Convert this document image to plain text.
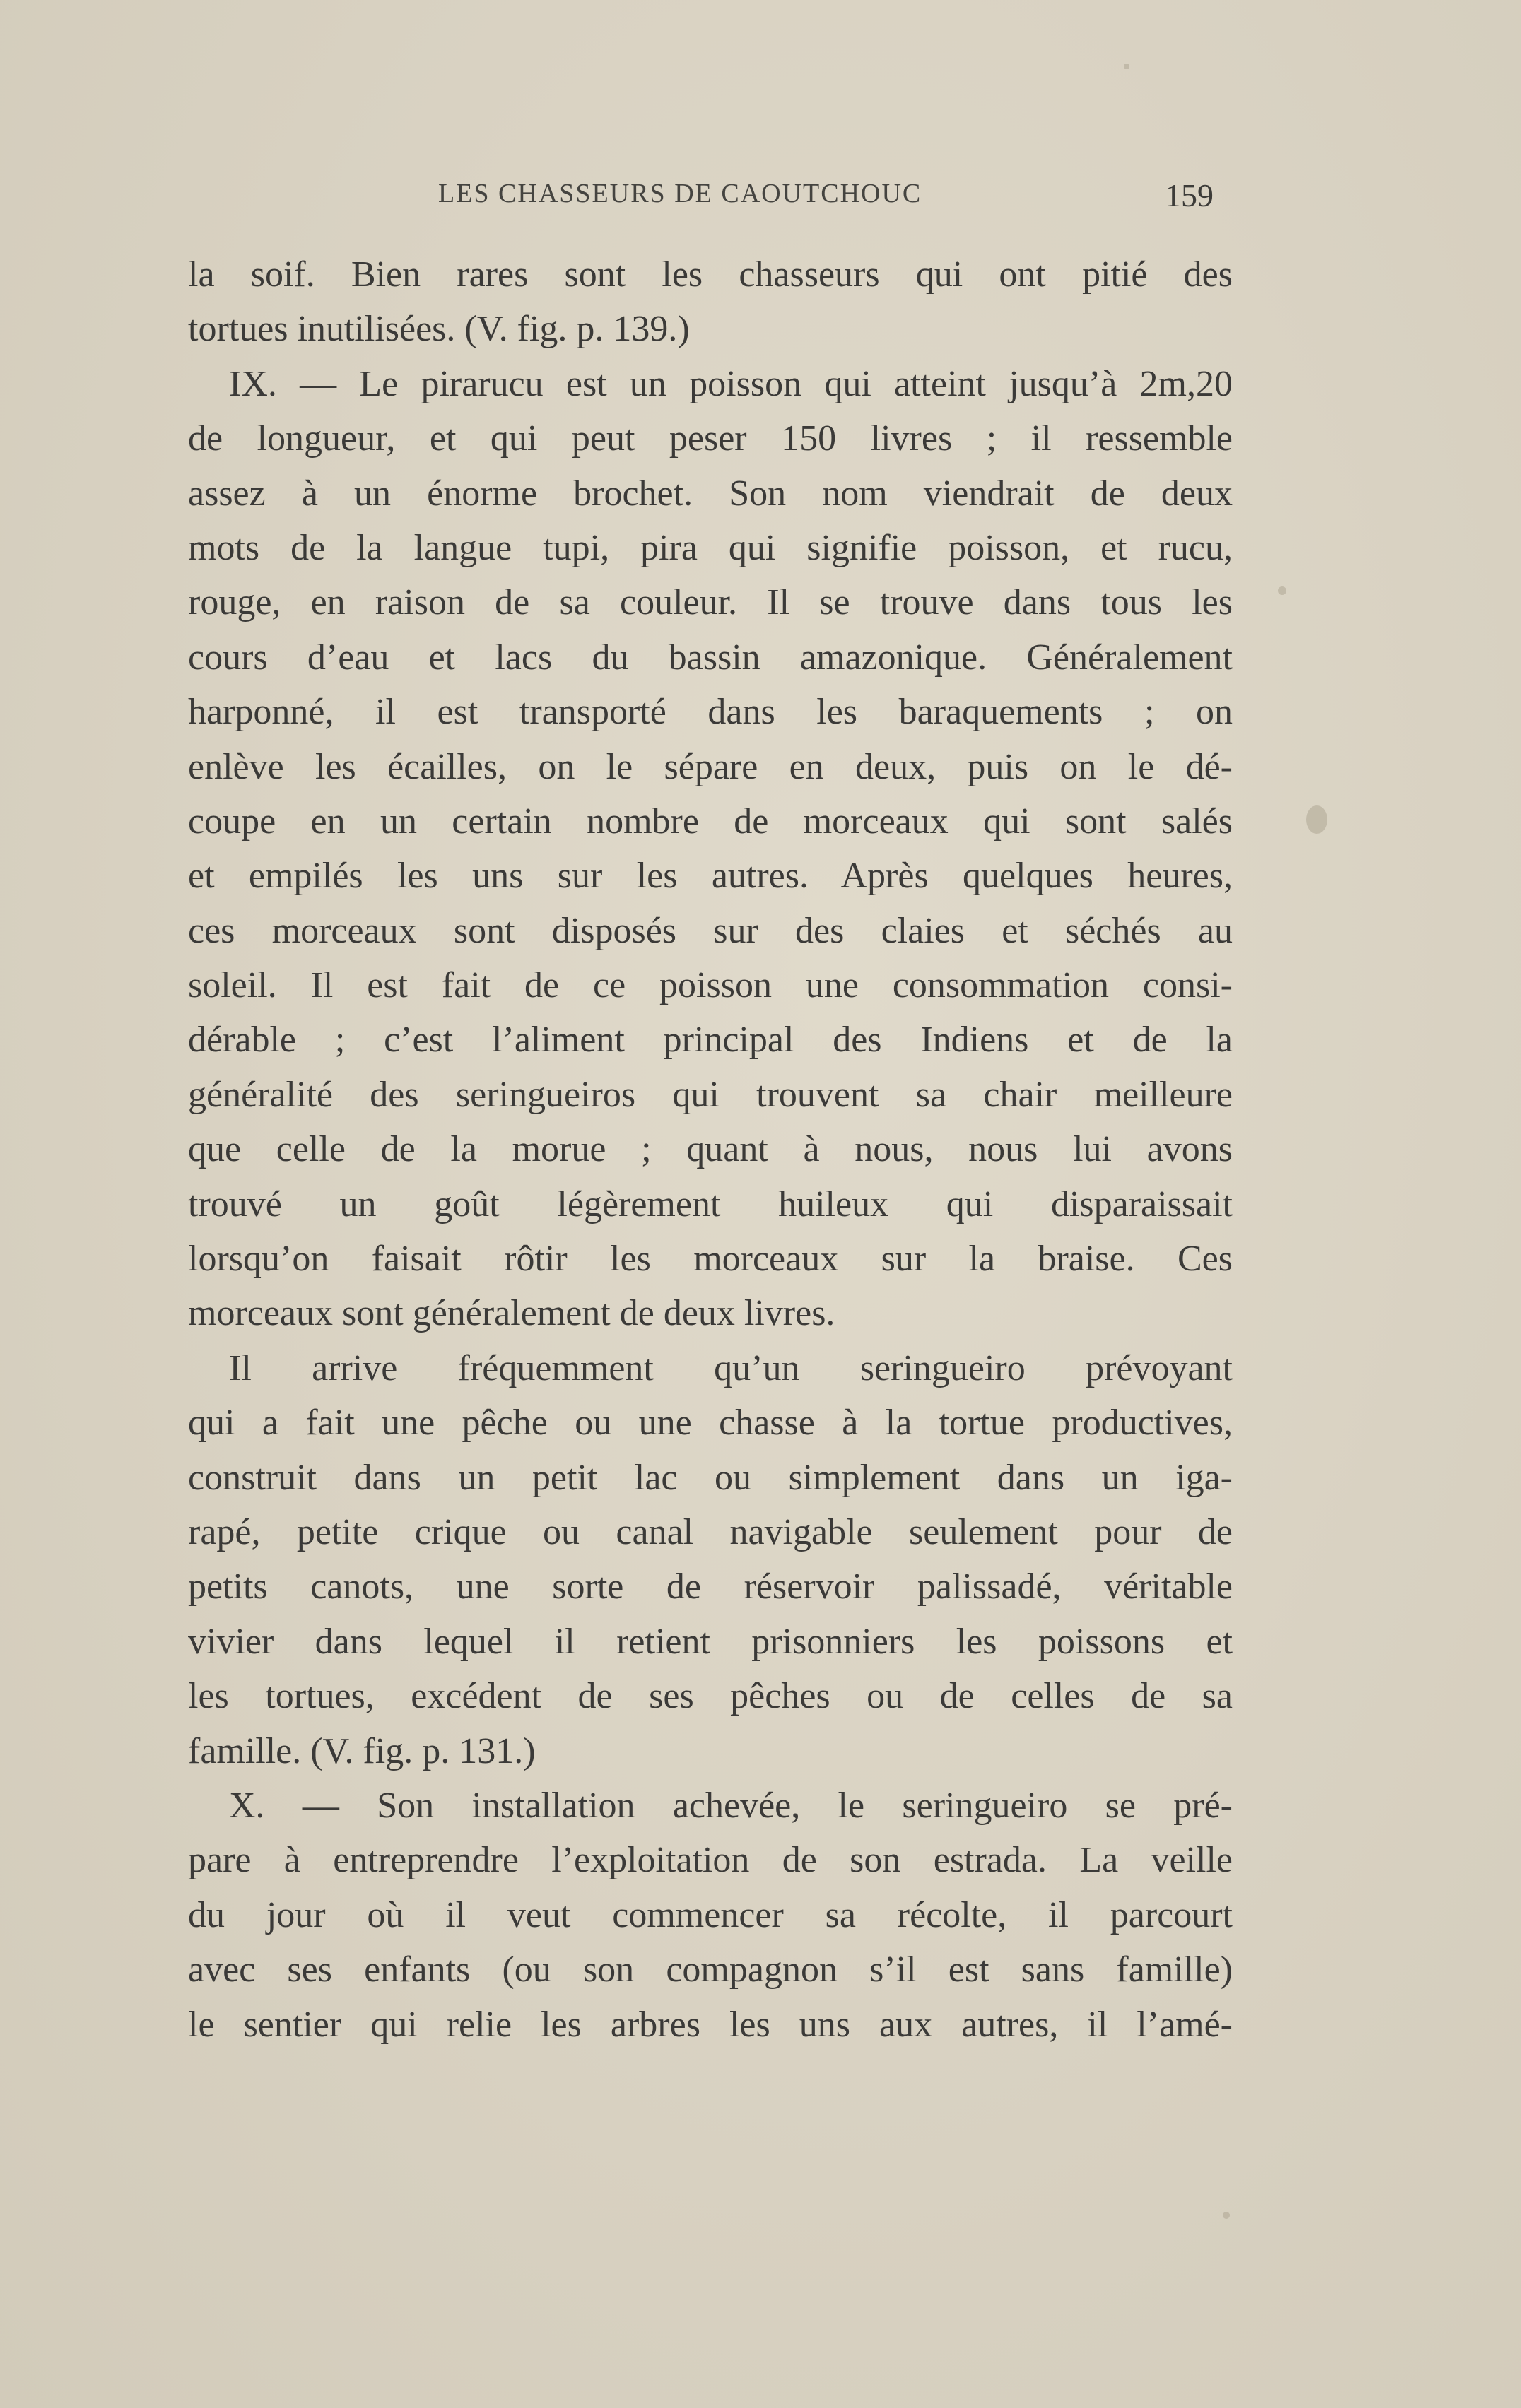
LES CHASSEURS DE CAOUTCHOUC	159
la soif. Bien rares sont les chasseurs qui ont pitié des
tortues inutilisées. (V. fig. p. 139.)
IX. — Le pirarucu est un poisson qui atteint jusqu’à 2m,20
de longueur, et qui peut peser 150 livres ; il ressemble
assez à un énorme brochet. Son nom viendrait de deux
mots de la langue tupi, pira qui signifie poisson, et rucu,
rouge, en raison de sa couleur. Il se trouve dans tous les
cours d’eau et lacs du bassin amazonique. Généralement
harponné, il est transporté dans les baraquements ; on
enlève les écailles, on le sépare en deux, puis on le dé-
coupe en un certain nombre de morceaux qui sont salés
et empilés les uns sur les autres. Après quelques heures,
ces morceaux sont disposés sur des claies et séchés au
soleil. Il est fait de ce poisson une consommation consi-
dérable ; c’est l’aliment principal des Indiens et de la
généralité des seringueiros qui trouvent sa chair meilleure
que celle de la morue ; quant à nous, nous lui avons
trouvé un goût légèrement huileux qui disparaissait
lorsqu’on faisait rôtir les morceaux sur la braise. Ces
morceaux sont généralement de deux livres.
Il arrive fréquemment qu’un seringueiro prévoyant
qui a fait une pêche ou une chasse à la tortue productives,
construit dans un petit lac ou simplement dans un iga-
rapé, petite crique ou canal navigable seulement pour de
petits canots, une sorte de réservoir palissadé, véritable
vivier dans lequel il retient prisonniers les poissons et
les tortues, excédent de ses pêches ou de celles de sa
famille. (V. fig. p. 131.)
X. — Son installation achevée, le seringueiro se pré-
pare à entreprendre l’exploitation de son estrada. La veille
du jour où il veut commencer sa récolte, il parcourt
avec ses enfants (ou son compagnon s’il est sans famille)
le sentier qui relie les arbres les uns aux autres, il l’amé-
